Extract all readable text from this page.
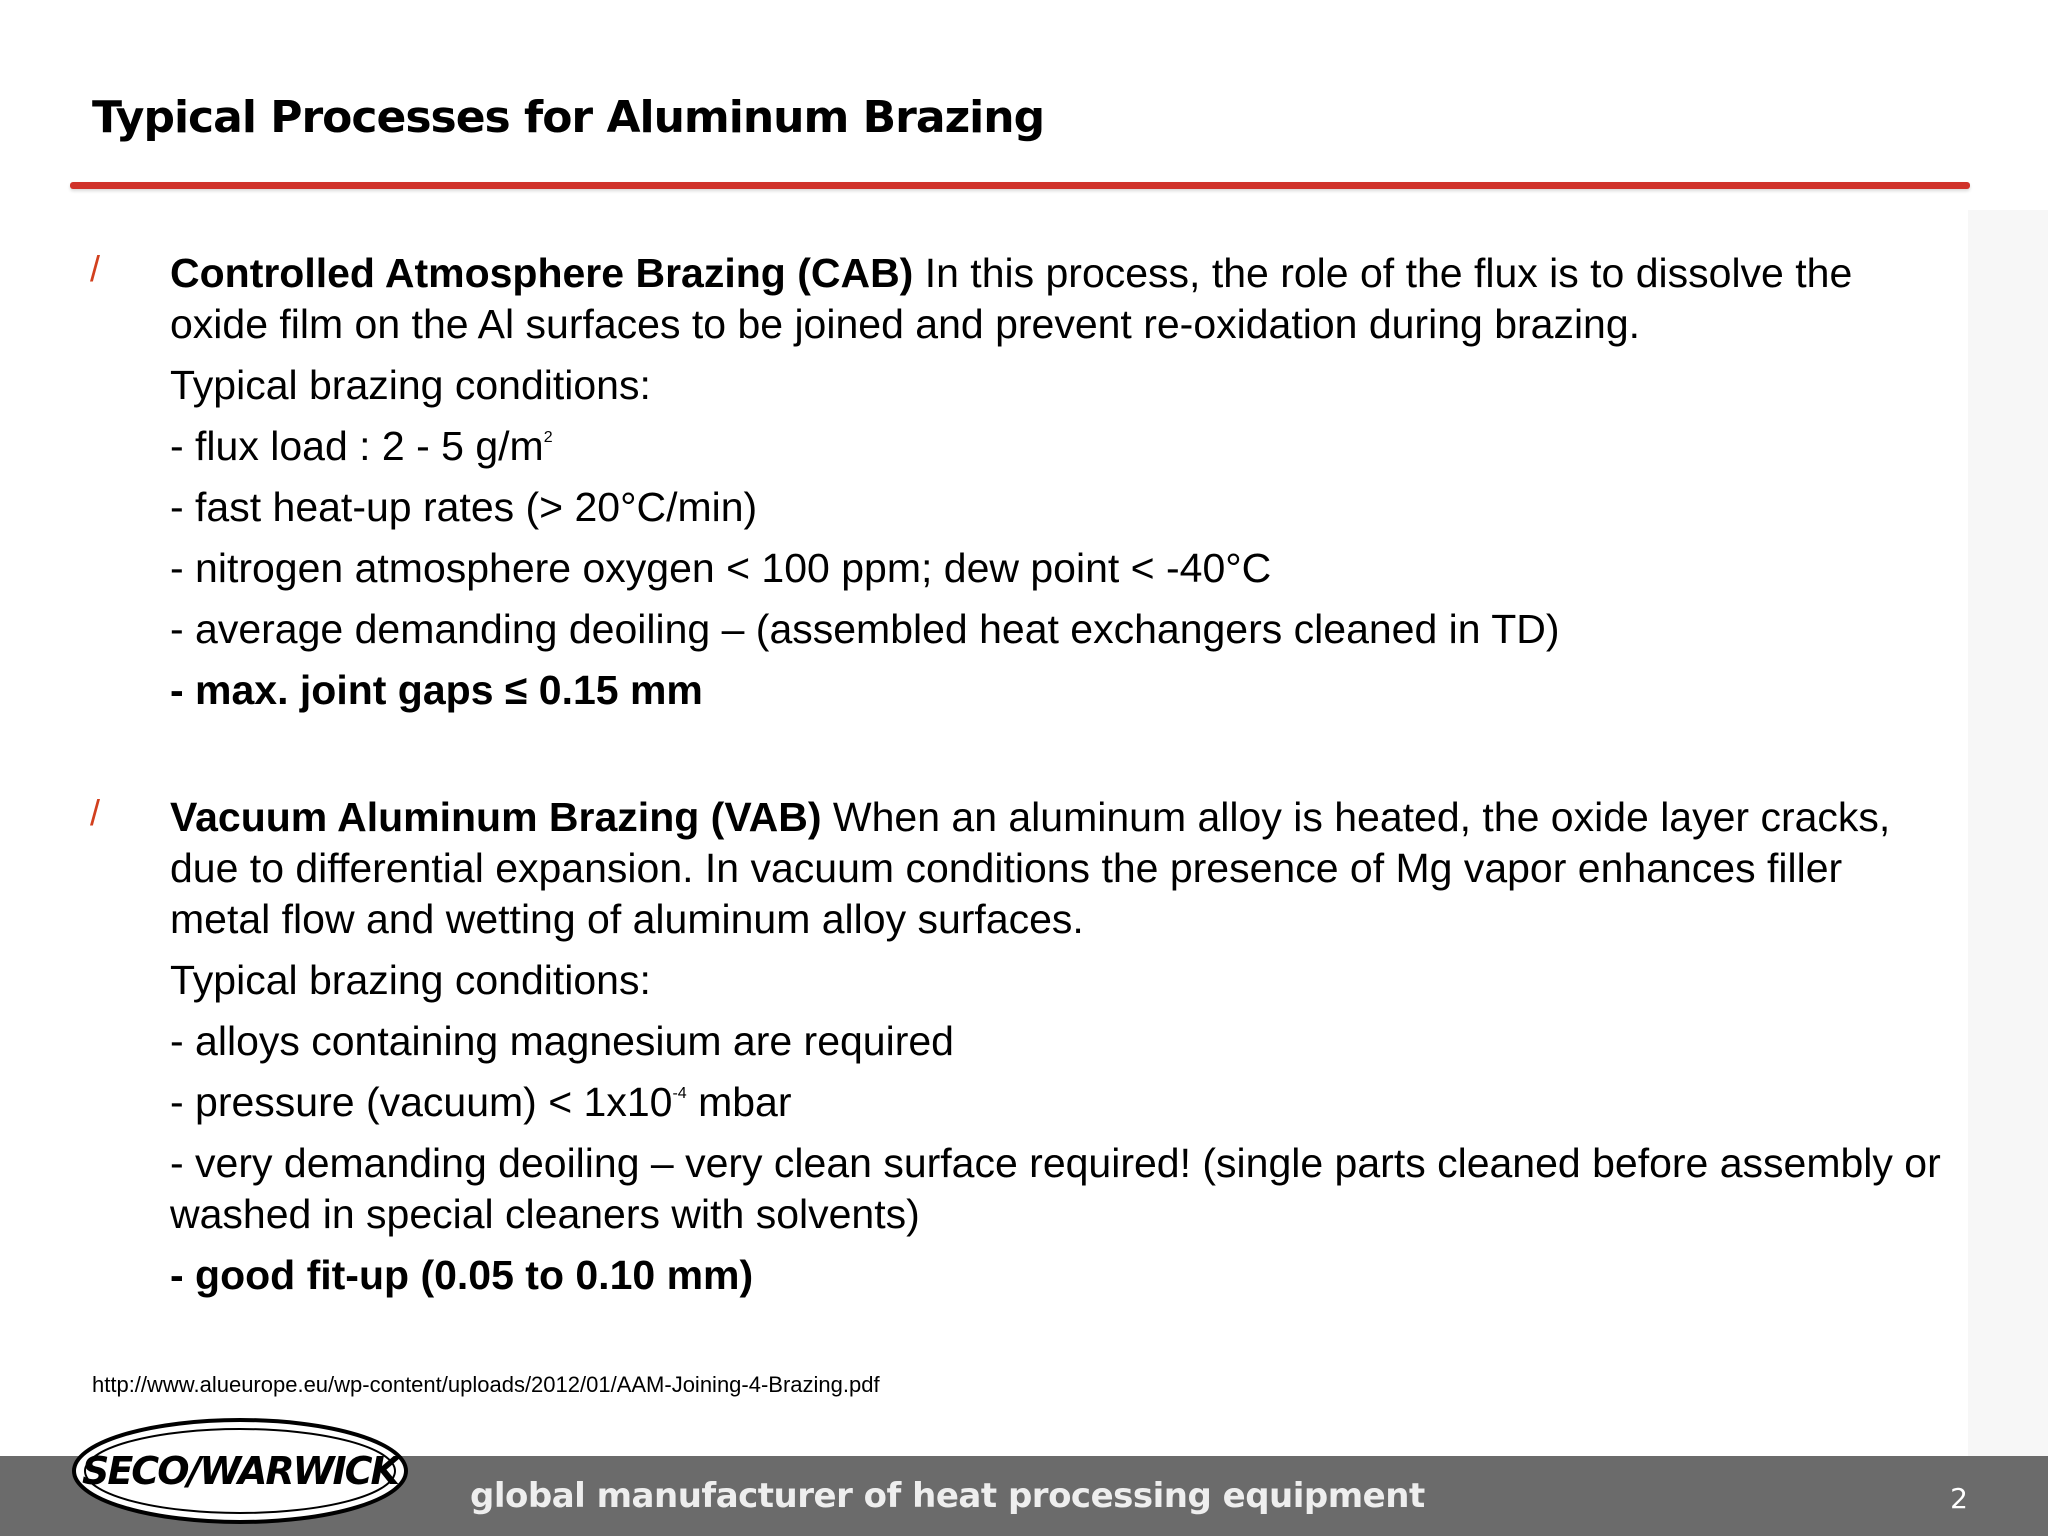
Typical Processes for Aluminum Brazing
/ Controlled Atmosphere Brazing (CAB) In this process, the role of the flux is to dissolve the oxide film on the Al surfaces to be joined and prevent re-oxidation during brazing.

Typical brazing conditions:

- flux load : 2 - 5 $g/m^2$

- fast heat-up rates (> 20°C/min)

- nitrogen atmosphere oxygen < 100 ppm; dew point < -40°C

- average demanding deoiling – (assembled heat exchangers cleaned in TD)

- max. joint gaps ≤ 0.15 mm

/ Vacuum Aluminum Brazing (VAB) When an aluminum alloy is heated, the oxide layer cracks, due to differential expansion. In vacuum conditions the presence of Mg vapor enhances filler metal flow and wetting of aluminum alloy surfaces.

Typical brazing conditions:

- alloys containing magnesium are required

- pressure (vacuum) < $1x10^{-4}$ mbar

- very demanding deoiling – very clean surface required! (single parts cleaned before assembly or washed in special cleaners with solvents)

- good fit-up (0.05 to 0.10 mm)

http://www.alueurope.eu/wp-content/uploads/2012/01/AAM-Joining-4-Brazing.pdf
SECO/WARWICK
global manufacturer of heat processing equipment	2
